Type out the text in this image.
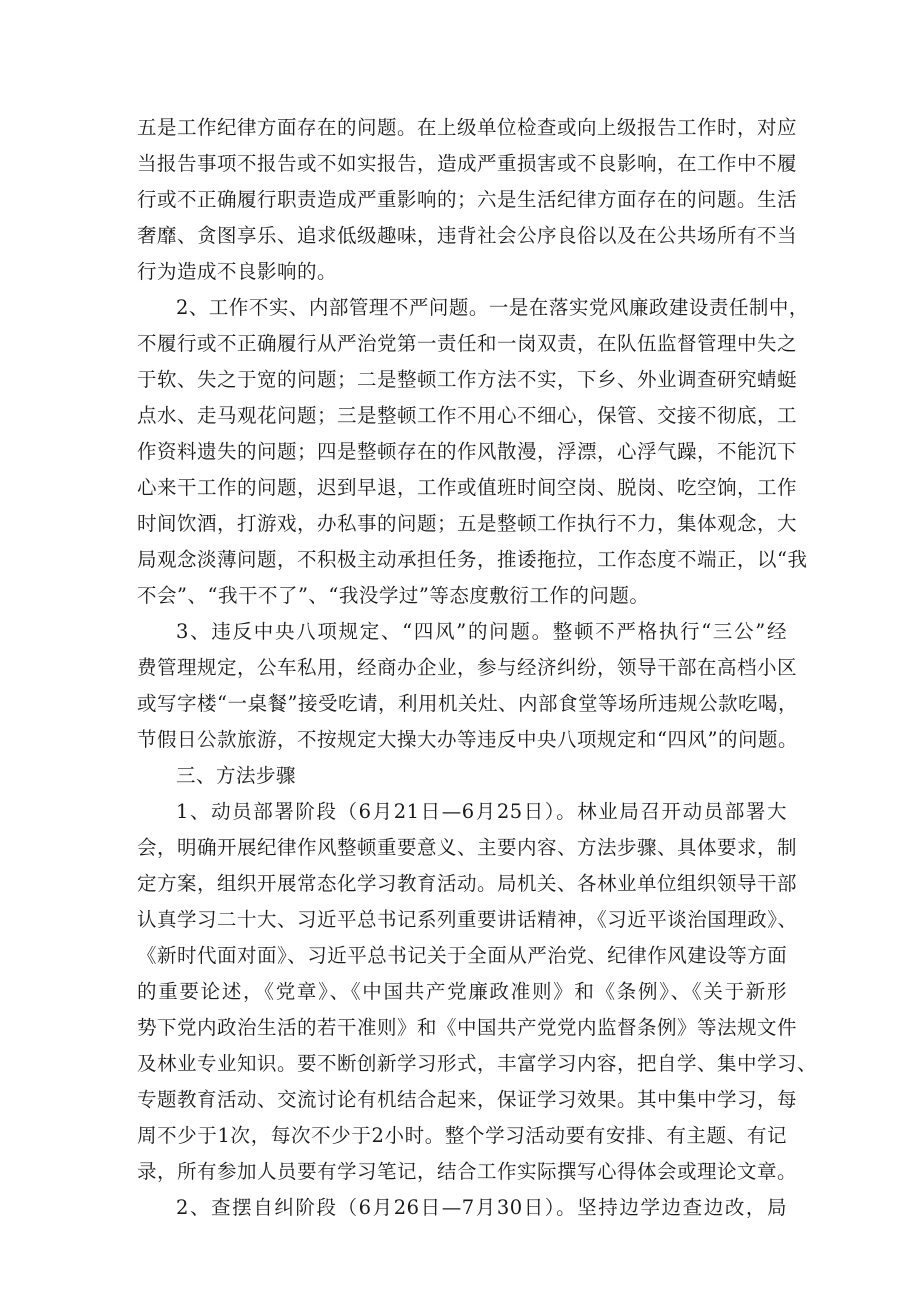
五是工作纪律方面存在的问题。在上级单位检查或向上级报告工作时，对应
当报告事项不报告或不如实报告，造成严重损害或不良影响，在工作中不履
行或不正确履行职责造成严重影响的；六是生活纪律方面存在的问题。生活
奢靡、贪图享乐、追求低级趣味，违背社会公序良俗以及在公共场所有不当
行为造成不良影响的。
2、工作不实、内部管理不严问题。一是在落实党风廉政建设责任制中，
不履行或不正确履行从严治党第一责任和一岗双责，在队伍监督管理中失之
于软、失之于宽的问题；二是整顿工作方法不实，下乡、外业调查研究蜻蜓
点水、走马观花问题；三是整顿工作不用心不细心，保管、交接不彻底，工
作资料遗失的问题；四是整顿存在的作风散漫，浮漂，心浮气躁，不能沉下
心来干工作的问题，迟到早退，工作或值班时间空岗、脱岗、吃空饷，工作
时间饮酒，打游戏，办私事的问题；五是整顿工作执行不力，集体观念，大
局观念淡薄问题，不积极主动承担任务，推诿拖拉，工作态度不端正，以“我
不会”、“我干不了”、“我没学过”等态度敷衍工作的问题。
3、违反中央八项规定、“四风”的问题。整顿不严格执行“三公”经
费管理规定，公车私用，经商办企业，参与经济纠纷，领导干部在高档小区
或写字楼“一桌餐”接受吃请，利用机关灶、内部食堂等场所违规公款吃喝，
节假日公款旅游，不按规定大操大办等违反中央八项规定和“四风”的问题。
三、方法步骤
1、动员部署阶段（6月21日—6月25日）。林业局召开动员部署大
会，明确开展纪律作风整顿重要意义、主要内容、方法步骤、具体要求，制
定方案，组织开展常态化学习教育活动。局机关、各林业单位组织领导干部
认真学习二十大、习近平总书记系列重要讲话精神，《习近平谈治国理政》、
《新时代面对面》、习近平总书记关于全面从严治党、纪律作风建设等方面
的重要论述，《党章》、《中国共产党廉政准则》和《条例》、《关于新形
势下党内政治生活的若干准则》和《中国共产党党内监督条例》等法规文件
及林业专业知识。要不断创新学习形式，丰富学习内容，把自学、集中学习、
专题教育活动、交流讨论有机结合起来，保证学习效果。其中集中学习，每
周不少于1次，每次不少于2小时。整个学习活动要有安排、有主题、有记
录，所有参加人员要有学习笔记，结合工作实际撰写心得体会或理论文章。
2、查摆自纠阶段（6月26日—7月30日）。坚持边学边查边改，局
